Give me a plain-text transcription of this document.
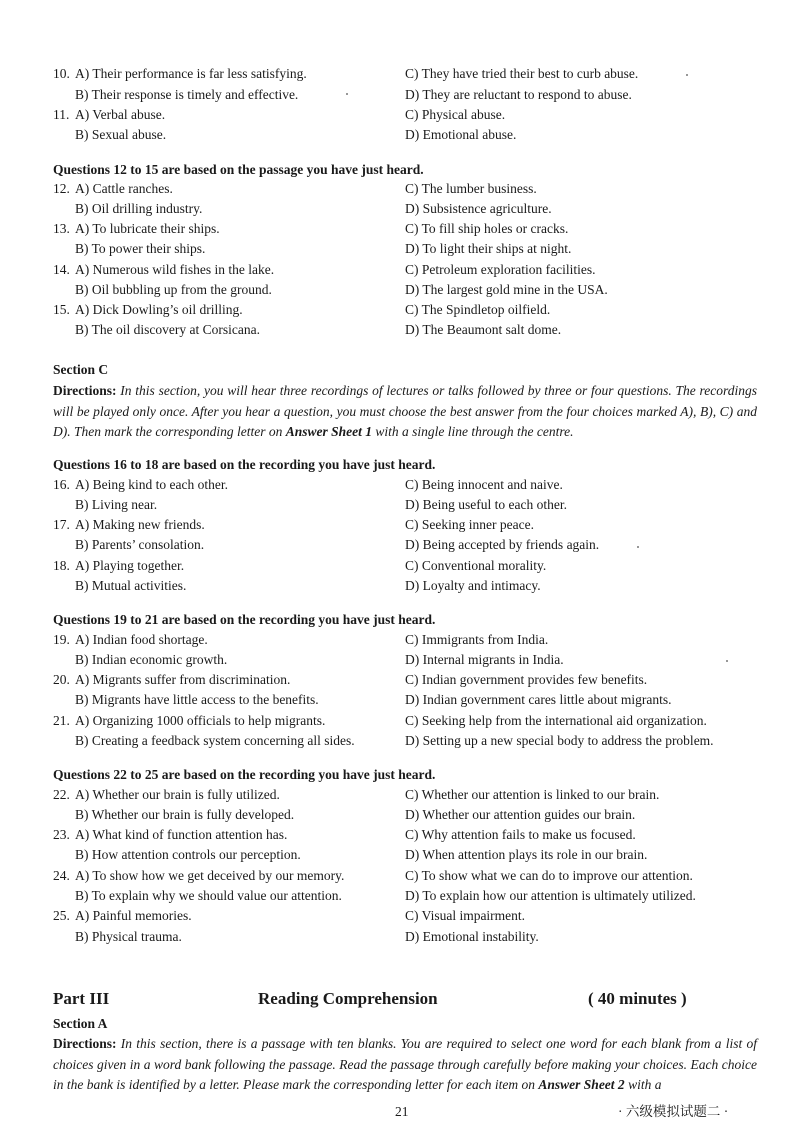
10. A) Their performance is far less satisfying.	C) They have tried their best to curb abuse.
B) Their response is timely and effective.	D) They are reluctant to respond to abuse.
11. A) Verbal abuse.	C) Physical abuse.
B) Sexual abuse.	D) Emotional abuse.
Questions 12 to 15 are based on the passage you have just heard.
12. A) Cattle ranches.	C) The lumber business.
B) Oil drilling industry.	D) Subsistence agriculture.
13. A) To lubricate their ships.	C) To fill ship holes or cracks.
B) To power their ships.	D) To light their ships at night.
14. A) Numerous wild fishes in the lake.	C) Petroleum exploration facilities.
B) Oil bubbling up from the ground.	D) The largest gold mine in the USA.
15. A) Dick Dowling’s oil drilling.	C) The Spindletop oilfield.
B) The oil discovery at Corsicana.	D) The Beaumont salt dome.
Section C
Directions: In this section, you will hear three recordings of lectures or talks followed by three or four questions. The recordings will be played only once. After you hear a question, you must choose the best answer from the four choices marked A), B), C) and D). Then mark the corresponding letter on Answer Sheet 1 with a single line through the centre.
Questions 16 to 18 are based on the recording you have just heard.
16. A) Being kind to each other.	C) Being innocent and naive.
B) Living near.	D) Being useful to each other.
17. A) Making new friends.	C) Seeking inner peace.
B) Parents’ consolation.	D) Being accepted by friends again.
18. A) Playing together.	C) Conventional morality.
B) Mutual activities.	D) Loyalty and intimacy.
Questions 19 to 21 are based on the recording you have just heard.
19. A) Indian food shortage.	C) Immigrants from India.
B) Indian economic growth.	D) Internal migrants in India.
20. A) Migrants suffer from discrimination.	C) Indian government provides few benefits.
B) Migrants have little access to the benefits.	D) Indian government cares little about migrants.
21. A) Organizing 1000 officials to help migrants.	C) Seeking help from the international aid organization.
B) Creating a feedback system concerning all sides.	D) Setting up a new special body to address the problem.
Questions 22 to 25 are based on the recording you have just heard.
22. A) Whether our brain is fully utilized.	C) Whether our attention is linked to our brain.
B) Whether our brain is fully developed.	D) Whether our attention guides our brain.
23. A) What kind of function attention has.	C) Why attention fails to make us focused.
B) How attention controls our perception.	D) When attention plays its role in our brain.
24. A) To show how we get deceived by our memory.	C) To show what we can do to improve our attention.
B) To explain why we should value our attention.	D) To explain how our attention is ultimately utilized.
25. A) Painful memories.	C) Visual impairment.
B) Physical trauma.	D) Emotional instability.
Part III	Reading Comprehension	( 40 minutes )
Section A
Directions: In this section, there is a passage with ten blanks. You are required to select one word for each blank from a list of choices given in a word bank following the passage. Read the passage through carefully before making your choices. Each choice in the bank is identified by a letter. Please mark the corresponding letter for each item on Answer Sheet 2 with a
21	· 六级模拟试题二 ·
